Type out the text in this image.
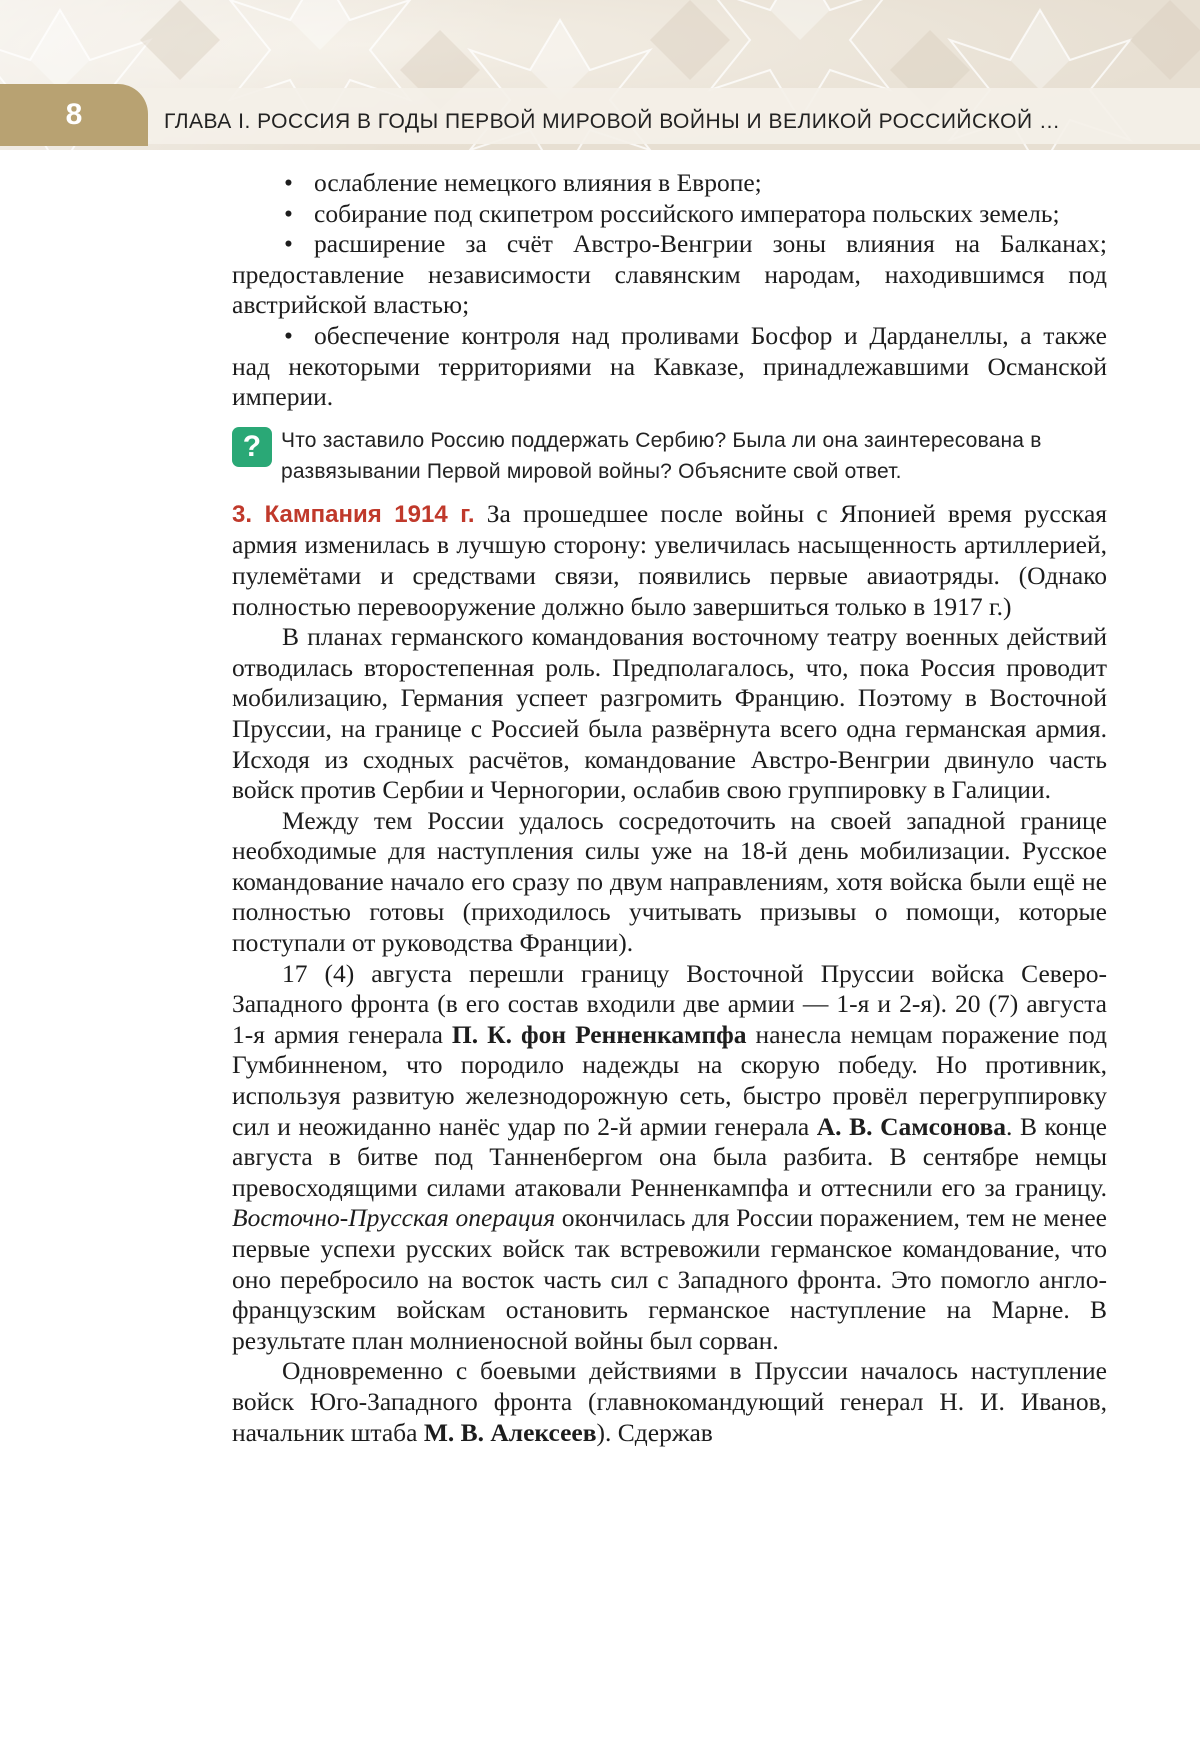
8	ГЛАВА I. РОССИЯ В ГОДЫ ПЕРВОЙ МИРОВОЙ ВОЙНЫ И ВЕЛИКОЙ РОССИЙСКОЙ …

• ослабление немецкого влияния в Европе;

• собирание под скипетром российского императора польских земель;

• расширение за счёт Австро-Венгрии зоны влияния на Балканах; предоставление независимости славянским народам, находившимся под австрийской властью;

• обеспечение контроля над проливами Босфор и Дарданеллы, а также над некоторыми территориями на Кавказе, принадлежавшими Османской империи.

? Что заставило Россию поддержать Сербию? Была ли она заинтересована в развязывании Первой мировой войны? Объясните свой ответ.

3. Кампания 1914 г. За прошедшее после войны с Японией время русская армия изменилась в лучшую сторону: увеличилась насыщенность артиллерией, пулемётами и средствами связи, появились первые авиаотряды. (Однако полностью перевооружение должно было завершиться только в 1917 г.)

В планах германского командования восточному театру военных действий отводилась второстепенная роль. Предполагалось, что, пока Россия проводит мобилизацию, Германия успеет разгромить Францию. Поэтому в Восточной Пруссии, на границе с Россией была развёрнута всего одна германская армия. Исходя из сходных расчётов, командование Австро-Венгрии двинуло часть войск против Сербии и Черногории, ослабив свою группировку в Галиции.

Между тем России удалось сосредоточить на своей западной границе необходимые для наступления силы уже на 18-й день мобилизации. Русское командование начало его сразу по двум направлениям, хотя войска были ещё не полностью готовы (приходилось учитывать призывы о помощи, которые поступали от руководства Франции).

17 (4) августа перешли границу Восточной Пруссии войска Северо-Западного фронта (в его состав входили две армии — 1-я и 2-я). 20 (7) августа 1-я армия генерала П. К. фон Ренненкампфа нанесла немцам поражение под Гумбинненом, что породило надежды на скорую победу. Но противник, используя развитую железнодорожную сеть, быстро провёл перегруппировку сил и неожиданно нанёс удар по 2-й армии генерала А. В. Самсонова. В конце августа в битве под Танненбергом она была разбита. В сентябре немцы превосходящими силами атаковали Ренненкампфа и оттеснили его за границу. Восточно-Прусская операция окончилась для России поражением, тем не менее первые успехи русских войск так встревожили германское командование, что оно перебросило на восток часть сил с Западного фронта. Это помогло англо-французским войскам остановить германское наступление на Марне. В результате план молниеносной войны был сорван.

Одновременно с боевыми действиями в Пруссии началось наступление войск Юго-Западного фронта (главнокомандующий генерал Н. И. Иванов, начальник штаба М. В. Алексеев). Сдержав
